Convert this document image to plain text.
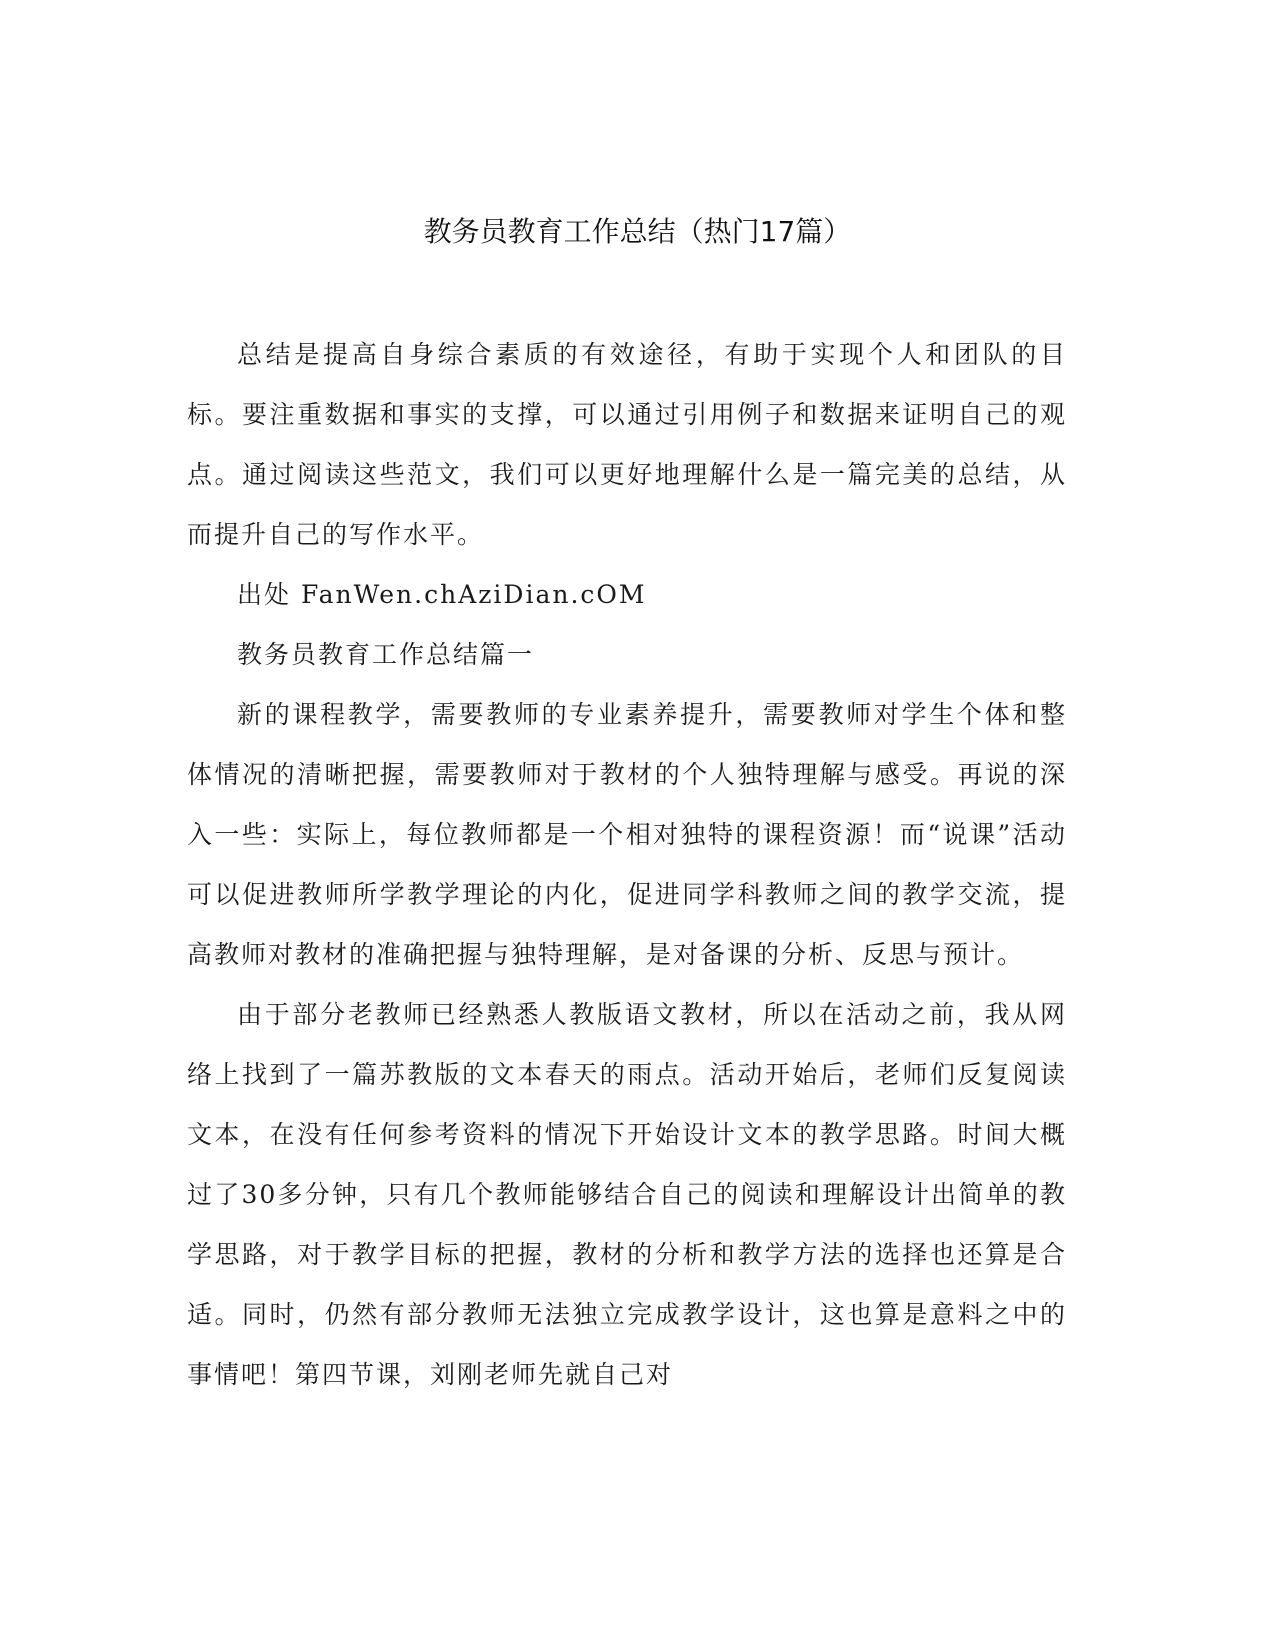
教务员教育工作总结（热门17篇）

总结是提高自身综合素质的有效途径，有助于实现个人和团队的目标。要注重数据和事实的支撑，可以通过引用例子和数据来证明自己的观点。通过阅读这些范文，我们可以更好地理解什么是一篇完美的总结，从而提升自己的写作水平。

出处 FanWen.chAziDian.cOM

教务员教育工作总结篇一

新的课程教学，需要教师的专业素养提升，需要教师对学生个体和整体情况的清晰把握，需要教师对于教材的个人独特理解与感受。再说的深入一些：实际上，每位教师都是一个相对独特的课程资源！而“说课”活动可以促进教师所学教学理论的内化，促进同学科教师之间的教学交流，提高教师对教材的准确把握与独特理解，是对备课的分析、反思与预计。

由于部分老教师已经熟悉人教版语文教材，所以在活动之前，我从网络上找到了一篇苏教版的文本春天的雨点。活动开始后，老师们反复阅读文本，在没有任何参考资料的情况下开始设计文本的教学思路。时间大概过了30多分钟，只有几个教师能够结合自己的阅读和理解设计出简单的教学思路，对于教学目标的把握，教材的分析和教学方法的选择也还算是合适。同时，仍然有部分教师无法独立完成教学设计，这也算是意料之中的事情吧！第四节课，刘刚老师先就自己对
